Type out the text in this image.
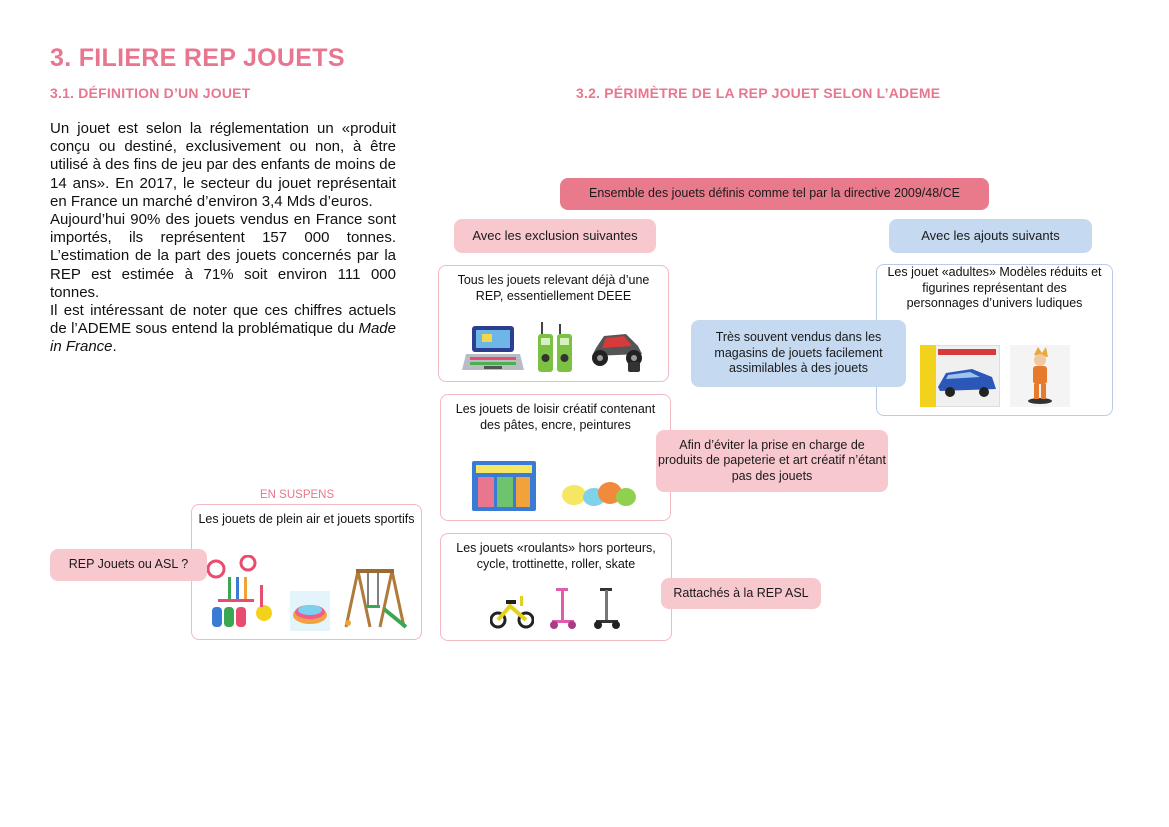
3. FILIERE REP JOUETS
3.1. DÉFINITION D’UN JOUET	3.2. PÉRIMÈTRE DE LA REP JOUET SELON L’ADEME

Un jouet est selon la réglementation un «produit conçu ou destiné, exclusivement ou non, à être utilisé à des fins de jeu par des enfants de moins de 14 ans». En 2017, le secteur du jouet représentait en France un marché d’environ 3,4 Mds d’euros.

Aujourd’hui 90% des jouets vendus en France sont importés, ils représentent 157 000 tonnes. L’estimation de la part des jouets concernés par la REP est estimée à 71% soit environ 111 000 tonnes.

Il est intéressant de noter que ces chiffres actuels de l’ADEME sous entend la problématique du Made in France.

Ensemble des jouets définis comme tel par la directive 2009/48/CE
Avec les exclusion suivantes	Avec les ajouts suivants
Tous les jouets relevant déjà d’une REP, essentiellement DEEE
Les jouets de loisir créatif contenant des pâtes, encre, peintures
Les jouets «roulants» hors porteurs, cycle, trottinette, roller, skate
Les jouet «adultes» Modèles réduits et figurines représentant des personnages d’univers ludiques
Très souvent vendus dans les magasins de jouets facilement assimilables à des jouets
Afin d’éviter la prise en charge de produits de papeterie et art créatif n’étant pas des jouets
Rattachés à la REP ASL
EN SUSPENS
Les jouets de plein air et jouets sportifs
REP Jouets ou ASL ?
